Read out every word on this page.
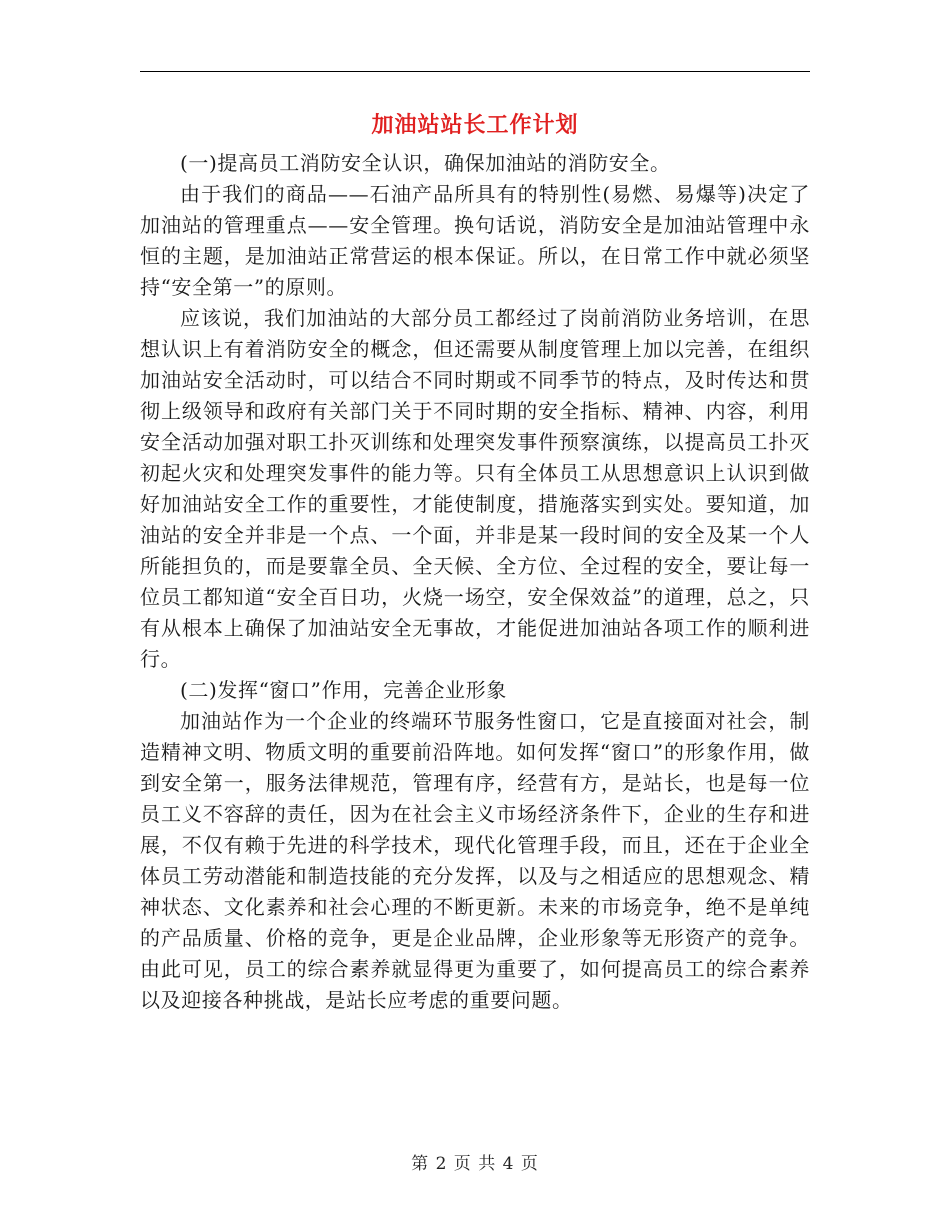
加油站站长工作计划

(一)提高员工消防安全认识，确保加油站的消防安全。

由于我们的商品——石油产品所具有的特别性(易燃、易爆等)决定了加油站的管理重点——安全管理。换句话说，消防安全是加油站管理中永恒的主题，是加油站正常营运的根本保证。所以，在日常工作中就必须坚持“安全第一”的原则。

应该说，我们加油站的大部分员工都经过了岗前消防业务培训，在思想认识上有着消防安全的概念，但还需要从制度管理上加以完善，在组织加油站安全活动时，可以结合不同时期或不同季节的特点，及时传达和贯彻上级领导和政府有关部门关于不同时期的安全指标、精神、内容，利用安全活动加强对职工扑灭训练和处理突发事件预察演练，以提高员工扑灭初起火灾和处理突发事件的能力等。只有全体员工从思想意识上认识到做好加油站安全工作的重要性，才能使制度，措施落实到实处。要知道，加油站的安全并非是一个点、一个面，并非是某一段时间的安全及某一个人所能担负的，而是要靠全员、全天候、全方位、全过程的安全，要让每一位员工都知道“安全百日功，火烧一场空，安全保效益”的道理，总之，只有从根本上确保了加油站安全无事故，才能促进加油站各项工作的顺利进行。

(二)发挥“窗口”作用，完善企业形象

加油站作为一个企业的终端环节服务性窗口，它是直接面对社会，制造精神文明、物质文明的重要前沿阵地。如何发挥“窗口”的形象作用，做到安全第一，服务法律规范，管理有序，经营有方，是站长，也是每一位员工义不容辞的责任，因为在社会主义市场经济条件下，企业的生存和进展，不仅有赖于先进的科学技术，现代化管理手段，而且，还在于企业全体员工劳动潜能和制造技能的充分发挥，以及与之相适应的思想观念、精神状态、文化素养和社会心理的不断更新。未来的市场竞争，绝不是单纯的产品质量、价格的竞争，更是企业品牌，企业形象等无形资产的竞争。由此可见，员工的综合素养就显得更为重要了，如何提高员工的综合素养以及迎接各种挑战，是站长应考虑的重要问题。

第 2 页 共 4 页
